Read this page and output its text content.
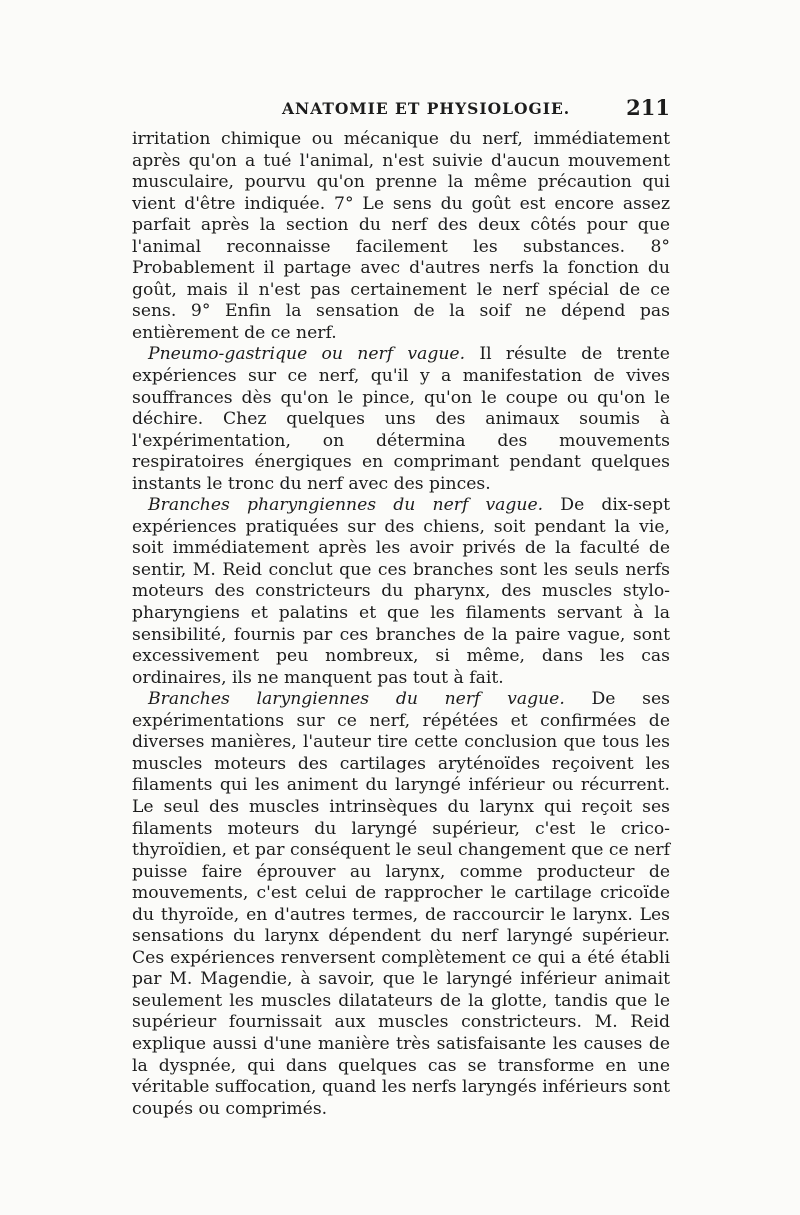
ANATOMIE ET PHYSIOLOGIE.	211

irritation chimique ou mécanique du nerf, immédiatement après qu'on a tué l'animal, n'est suivie d'aucun mouvement musculaire, pourvu qu'on prenne la même précaution qui vient d'être indiquée. 7° Le sens du goût est encore assez parfait après la section du nerf des deux côtés pour que l'animal reconnaisse facilement les substances. 8° Probablement il partage avec d'autres nerfs la fonction du goût, mais il n'est pas certainement le nerf spécial de ce sens. 9° Enfin la sensation de la soif ne dépend pas entièrement de ce nerf.

Pneumo-gastrique ou nerf vague. Il résulte de trente expériences sur ce nerf, qu'il y a manifestation de vives souffrances dès qu'on le pince, qu'on le coupe ou qu'on le déchire. Chez quelques uns des animaux soumis à l'expérimentation, on détermina des mouvements respiratoires énergiques en comprimant pendant quelques instants le tronc du nerf avec des pinces.

Branches pharyngiennes du nerf vague. De dix-sept expériences pratiquées sur des chiens, soit pendant la vie, soit immédiatement après les avoir privés de la faculté de sentir, M. Reid conclut que ces branches sont les seuls nerfs moteurs des constricteurs du pharynx, des muscles stylo-pharyngiens et palatins et que les filaments servant à la sensibilité, fournis par ces branches de la paire vague, sont excessivement peu nombreux, si même, dans les cas ordinaires, ils ne manquent pas tout à fait.

Branches laryngiennes du nerf vague. De ses expérimentations sur ce nerf, répétées et confirmées de diverses manières, l'auteur tire cette conclusion que tous les muscles moteurs des cartilages aryténoïdes reçoivent les filaments qui les animent du laryngé inférieur ou récurrent. Le seul des muscles intrinsèques du larynx qui reçoit ses filaments moteurs du laryngé supérieur, c'est le crico-thyroïdien, et par conséquent le seul changement que ce nerf puisse faire éprouver au larynx, comme producteur de mouvements, c'est celui de rapprocher le cartilage cricoïde du thyroïde, en d'autres termes, de raccourcir le larynx. Les sensations du larynx dépendent du nerf laryngé supérieur. Ces expériences renversent complètement ce qui a été établi par M. Magendie, à savoir, que le laryngé inférieur animait seulement les muscles dilatateurs de la glotte, tandis que le supérieur fournissait aux muscles constricteurs. M. Reid explique aussi d'une manière très satisfaisante les causes de la dyspnée, qui dans quelques cas se transforme en une véritable suffocation, quand les nerfs laryngés inférieurs sont coupés ou comprimés.
